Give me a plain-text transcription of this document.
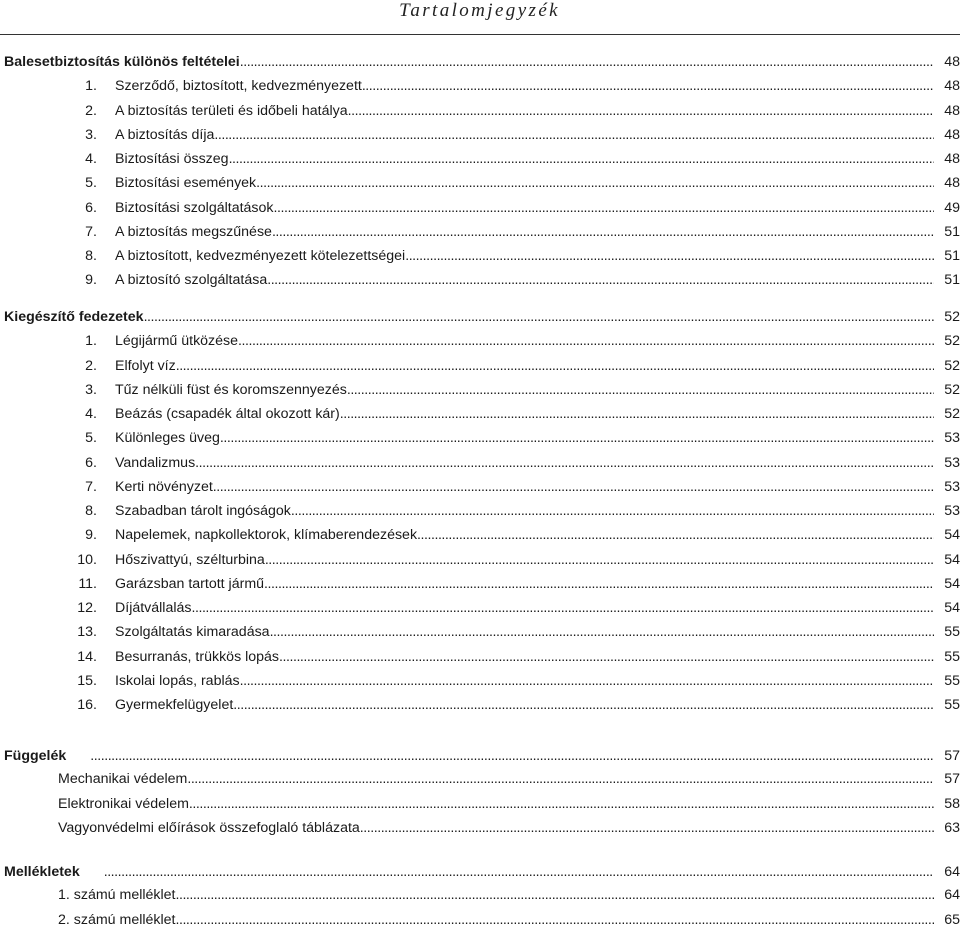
Tartalomjegyzék
Balesetbiztosítás különös feltételei . . .	48
1. Szerződő, biztosított, kedvezményezett . . .	48
2. A biztosítás területi és időbeli hatálya . . .	48
3. A biztosítás díja . . .	48
4. Biztosítási összeg . . .	48
5. Biztosítási események . . .	48
6. Biztosítási szolgáltatások . . .	49
7. A biztosítás megszűnése . . .	51
8. A biztosított, kedvezményezett kötelezettségei . . .	51
9. A biztosító szolgáltatása . . .	51
Kiegészítő fedezetek . . .	52
1. Légijármű ütközése . . .	52
2. Elfolyt víz . . .	52
3. Tűz nélküli füst és koromszennyezés . . .	52
4. Beázás (csapadék által okozott kár) . . .	52
5. Különleges üveg . . .	53
6. Vandalizmus . . .	53
7. Kerti növényzet . . .	53
8. Szabadban tárolt ingóságok . . .	53
9. Napelemek, napkollektorok, klímaberendezések . . .	54
10. Hőszivattyú, szélturbina . . .	54
11. Garázsban tartott jármű . . .	54
12. Díjátvállalás . . .	54
13. Szolgáltatás kimaradása . . .	55
14. Besurranás, trükkös lopás . . .	55
15. Iskolai lopás, rablás . . .	55
16. Gyermekfelügyelet . . .	55
Függelék . . .	57
Mechanikai védelem . . .	57
Elektronikai védelem . . .	58
Vagyonvédelmi előírások összefoglaló táblázata . . .	63
Mellékletek . . .	64
1. számú melléklet . . .	64
2. számú melléklet . . .	65
